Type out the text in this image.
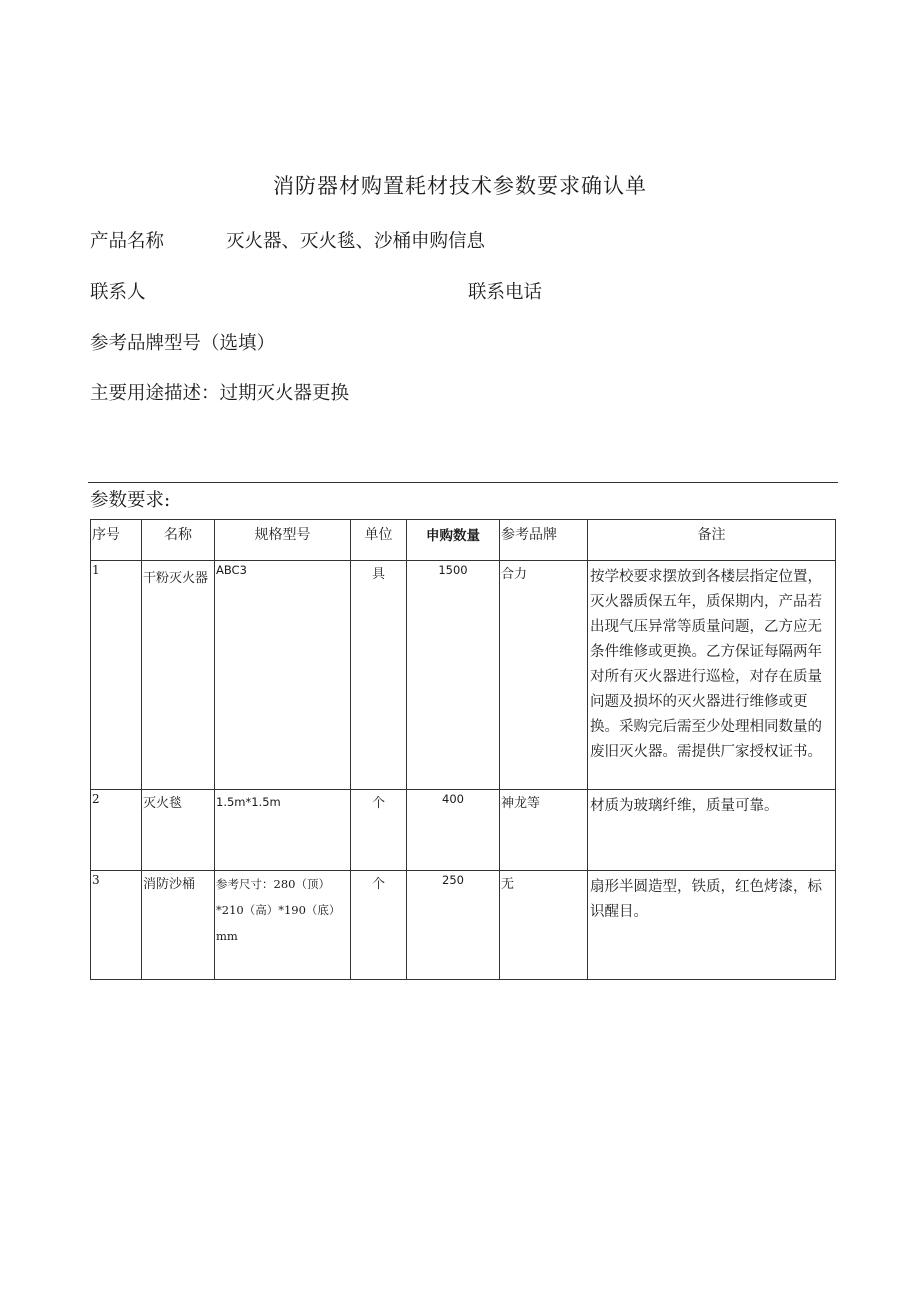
消防器材购置耗材技术参数要求确认单
产品名称	灭火器、灭火毯、沙桶申购信息
联系人	联系电话
参考品牌型号（选填）
主要用途描述：过期灭火器更换
参数要求:
序号	名称	规格型号	单位	申购数量	参考品牌	备注
1	干粉灭火器	ABC3	具	1500	合力	按学校要求摆放到各楼层指定位置，灭火器质保五年，质保期内，产品若出现气压异常等质量问题，乙方应无条件维修或更换。乙方保证每隔两年对所有灭火器进行巡检，对存在质量问题及损坏的灭火器进行维修或更换。采购完后需至少处理相同数量的废旧灭火器。需提供厂家授权证书。
2	灭火毯	1.5m*1.5m	个	400	神龙等	材质为玻璃纤维，质量可靠。
3	消防沙桶	参考尺寸：280（顶）*210（高）*190（底）mm	个	250	无	扇形半圆造型，铁质，红色烤漆，标识醒目。
